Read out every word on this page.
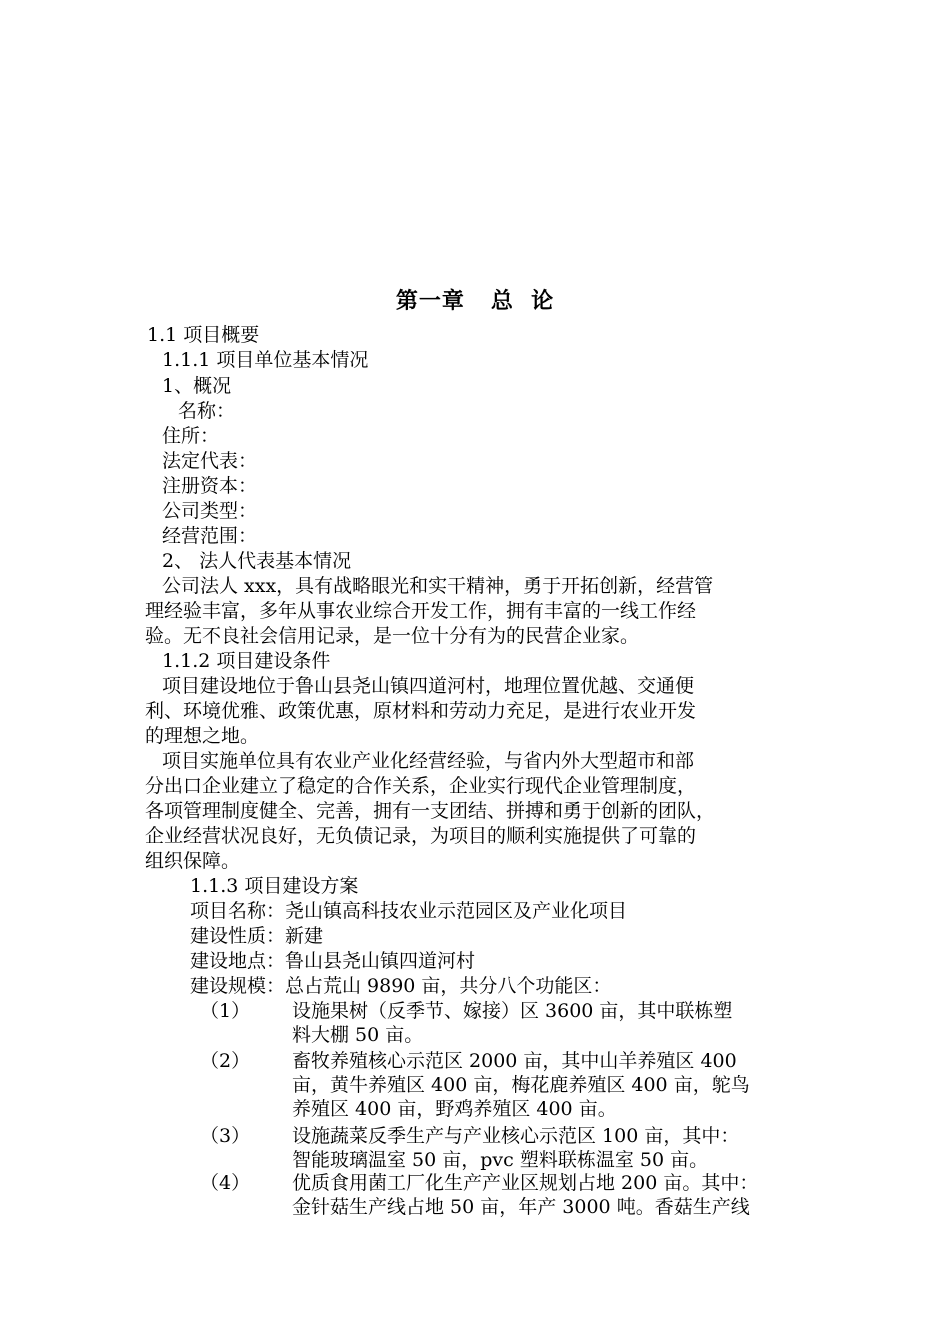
第一章   总  论
1.1 项目概要
1.1.1 项目单位基本情况
1、概况
名称：
住所：
法定代表：
注册资本：
公司类型：
经营范围：
2、 法人代表基本情况
公司法人 xxx，具有战略眼光和实干精神，勇于开拓创新，经营管
理经验丰富，多年从事农业综合开发工作，拥有丰富的一线工作经
验。无不良社会信用记录，是一位十分有为的民营企业家。
1.1.2 项目建设条件
项目建设地位于鲁山县尧山镇四道河村，地理位置优越、交通便
利、环境优雅、政策优惠，原材料和劳动力充足，是进行农业开发
的理想之地。
项目实施单位具有农业产业化经营经验，与省内外大型超市和部
分出口企业建立了稳定的合作关系，企业实行现代企业管理制度，
各项管理制度健全、完善，拥有一支团结、拼搏和勇于创新的团队，
企业经营状况良好，无负债记录，为项目的顺利实施提供了可靠的
组织保障。
1.1.3 项目建设方案
项目名称：尧山镇高科技农业示范园区及产业化项目
建设性质：新建
建设地点：鲁山县尧山镇四道河村
建设规模：总占荒山 9890 亩，共分八个功能区：
（1） 设施果树（反季节、嫁接）区 3600 亩，其中联栋塑
料大棚 50 亩。
（2） 畜牧养殖核心示范区 2000 亩，其中山羊养殖区 400
亩，黄牛养殖区 400 亩，梅花鹿养殖区 400 亩，鸵鸟
养殖区 400 亩，野鸡养殖区 400 亩。
（3） 设施蔬菜反季生产与产业核心示范区 100 亩，其中：
智能玻璃温室 50 亩，pvc 塑料联栋温室 50 亩。
（4） 优质食用菌工厂化生产产业区规划占地 200 亩。其中：
金针菇生产线占地 50 亩，年产 3000 吨。香菇生产线
